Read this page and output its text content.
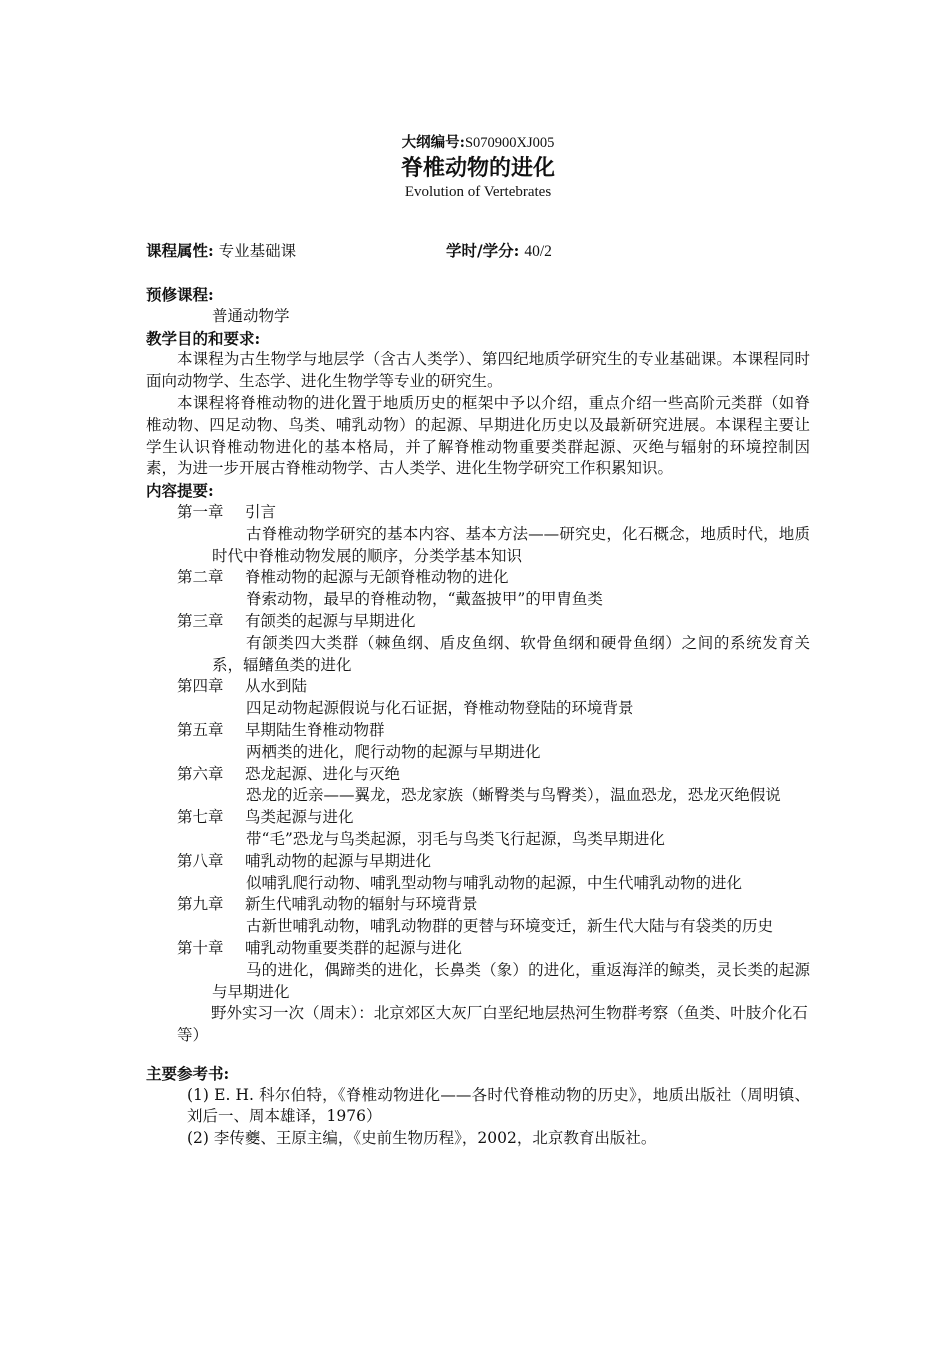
大纲编号:S070900XJ005
脊椎动物的进化
Evolution of Vertebrates
课程属性: 专业基础课	学时/学分: 40/2
预修课程:
普通动物学
教学目的和要求:
本课程为古生物学与地层学（含古人类学）、第四纪地质学研究生的专业基础课。本课程同时面向动物学、生态学、进化生物学等专业的研究生。
本课程将脊椎动物的进化置于地质历史的框架中予以介绍，重点介绍一些高阶元类群（如脊椎动物、四足动物、鸟类、哺乳动物）的起源、早期进化历史以及最新研究进展。本课程主要让学生认识脊椎动物进化的基本格局，并了解脊椎动物重要类群起源、灭绝与辐射的环境控制因素，为进一步开展古脊椎动物学、古人类学、进化生物学研究工作积累知识。
内容提要:
第一章 引言
古脊椎动物学研究的基本内容、基本方法——研究史，化石概念，地质时代，地质时代中脊椎动物发展的顺序，分类学基本知识
第二章 脊椎动物的起源与无颌脊椎动物的进化
脊索动物，最早的脊椎动物，“戴盔披甲”的甲胄鱼类
第三章 有颌类的起源与早期进化
有颌类四大类群（棘鱼纲、盾皮鱼纲、软骨鱼纲和硬骨鱼纲）之间的系统发育关系，辐鳍鱼类的进化
第四章 从水到陆
四足动物起源假说与化石证据，脊椎动物登陆的环境背景
第五章 早期陆生脊椎动物群
两栖类的进化，爬行动物的起源与早期进化
第六章 恐龙起源、进化与灭绝
恐龙的近亲——翼龙，恐龙家族（蜥臀类与鸟臀类），温血恐龙，恐龙灭绝假说
第七章 鸟类起源与进化
带“毛”恐龙与鸟类起源，羽毛与鸟类飞行起源，鸟类早期进化
第八章 哺乳动物的起源与早期进化
似哺乳爬行动物、哺乳型动物与哺乳动物的起源，中生代哺乳动物的进化
第九章 新生代哺乳动物的辐射与环境背景
古新世哺乳动物，哺乳动物群的更替与环境变迁，新生代大陆与有袋类的历史
第十章 哺乳动物重要类群的起源与进化
马的进化，偶蹄类的进化，长鼻类（象）的进化，重返海洋的鲸类，灵长类的起源与早期进化
野外实习一次（周末）：北京郊区大灰厂白垩纪地层热河生物群考察（鱼类、叶肢介化石等）
主要参考书:
(1) E. H. 科尔伯特，《脊椎动物进化——各时代脊椎动物的历史》，地质出版社（周明镇、刘后一、周本雄译，1976）
(2) 李传夔、王原主编，《史前生物历程》，2002，北京教育出版社。
